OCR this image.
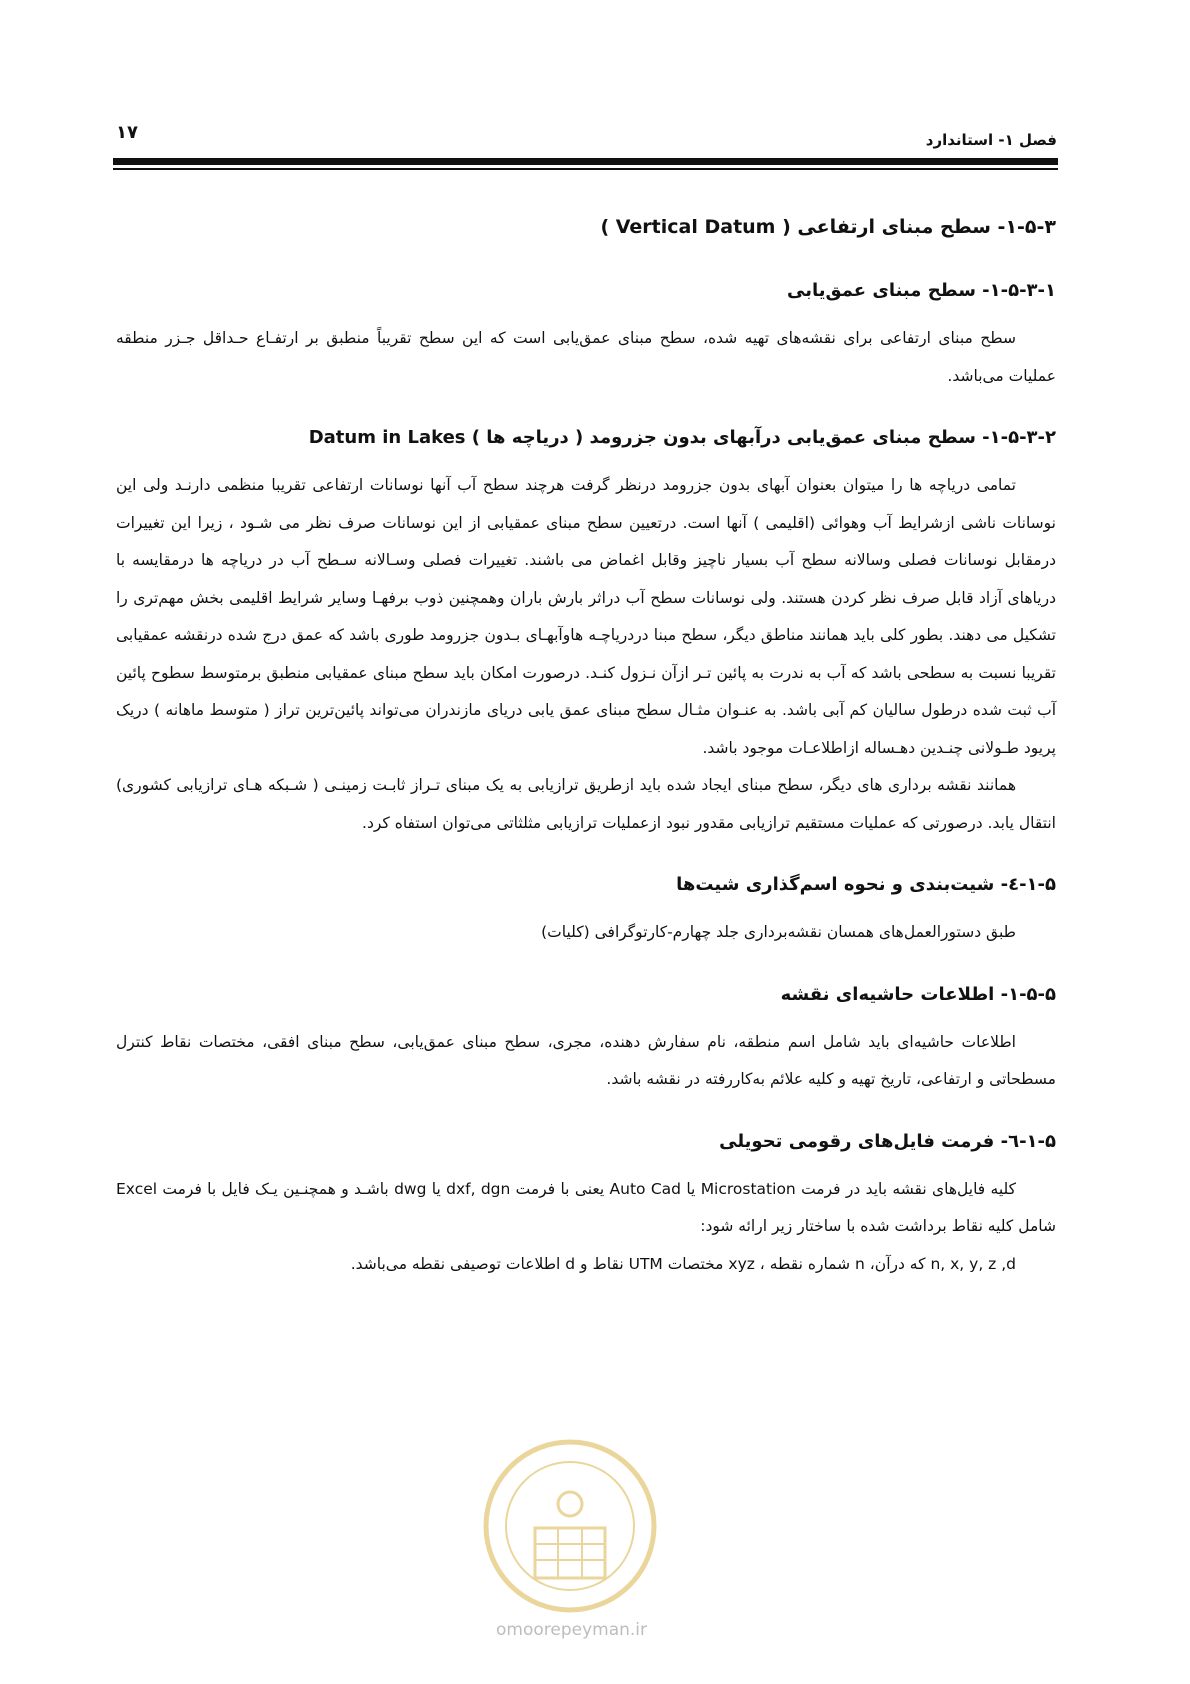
۱۷	فصل ۱- استاندارد
۱-۵-۳- سطح مبنای ارتفاعی ( Vertical Datum )
۱-۵-۳-۱- سطح مبنای عمق‌یابی

سطح مبنای ارتفاعی برای نقشه‌های تهیه شده، سطح مبنای عمق‌یابی است که این سطح تقریباً منطبق بر ارتفـاع حـداقل جـزر منطقه عملیات می‌باشد.

۱-۵-۳-۲- سطح مبنای عمق‌یابی درآبهای بدون جزرومد ( دریاچه ها ) Datum in Lakes

تمامی دریاچه ها را میتوان بعنوان آبهای بدون جزرومد درنظر گرفت هرچند سطح آب آنها نوسانات ارتفاعی تقریبا منظمی دارنـد ولی این نوسانات ناشی ازشرایط آب وهوائی (اقلیمی ) آنها است. درتعیین سطح مبنای عمقیابی از این نوسانات صرف نظر می شـود ، زیرا این تغییرات درمقابل نوسانات فصلی وسالانه سطح آب بسیار ناچیز وقابل اغماض می باشند. تغییرات فصلی وسـالانه سـطح آب در دریاچه ها درمقایسه با دریاهای آزاد قابل صرف نظر کردن هستند. ولی نوسانات سطح آب دراثر بارش باران وهمچنین ذوب برفهـا وسایر شرایط اقلیمی بخش مهم‌تری را تشکیل می دهند. بطور کلی باید همانند مناطق دیگر، سطح مبنا دردریاچـه هاوآبهـای بـدون جزرومد طوری باشد که عمق درج شده درنقشه عمقیابی تقریبا نسبت به سطحی باشد که آب به ندرت به پائین تـر ازآن نـزول کنـد. درصورت امکان باید سطح مبنای عمقیابی منطبق برمتوسط سطوح پائین آب ثبت شده درطول سالیان کم آبی باشد. به عنـوان مثـال سطح مبنای عمق یابی دریای مازندران می‌تواند پائین‌ترین تراز ( متوسط ماهانه ) دریک پریود طـولانی چنـدین دهـساله ازاطلاعـات موجود باشد.

همانند نقشه برداری های دیگر، سطح مبنای ایجاد شده باید ازطریق ترازیابی به یک مبنای تـراز ثابـت زمینـی ( شـبکه هـای ترازیابی کشوری) انتقال یابد. درصورتی که عملیات مستقیم ترازیابی مقدور نبود ازعملیات ترازیابی مثلثاتی می‌توان استفاه کرد.

۱-۵-٤- شیت‌بندی و نحوه اسم‌گذاری شیت‌ها

طبق دستورالعمل‌های همسان نقشه‌برداری جلد چهارم-کارتوگرافی (کلیات)

۱-۵-۵- اطلاعات حاشیه‌ای نقشه

اطلاعات حاشیه‌ای باید شامل اسم منطقه، نام سفارش دهنده، مجری، سطح مبنای عمق‌یابی، سطح مبنای افقی، مختصات نقاط کنترل مسطحاتی و ارتفاعی، تاریخ تهیه و کلیه علائم به‌کاررفته در نقشه باشد.

۱-۵-٦- فرمت فایل‌های رقومی تحویلی

کلیه فایل‌های نقشه باید در فرمت Microstation یا Auto Cad یعنی با فرمت dxf, dgn یا dwg باشـد و همچنـین یـک فایل با فرمت Excel شامل کلیه نقاط برداشت شده با ساختار زیر ارائه شود:

n, x, y, z ,d که درآن، n شماره نقطه ، xyz مختصات UTM نقاط و d اطلاعات توصیفی نقطه می‌باشد.

omoorepeyman.ir
